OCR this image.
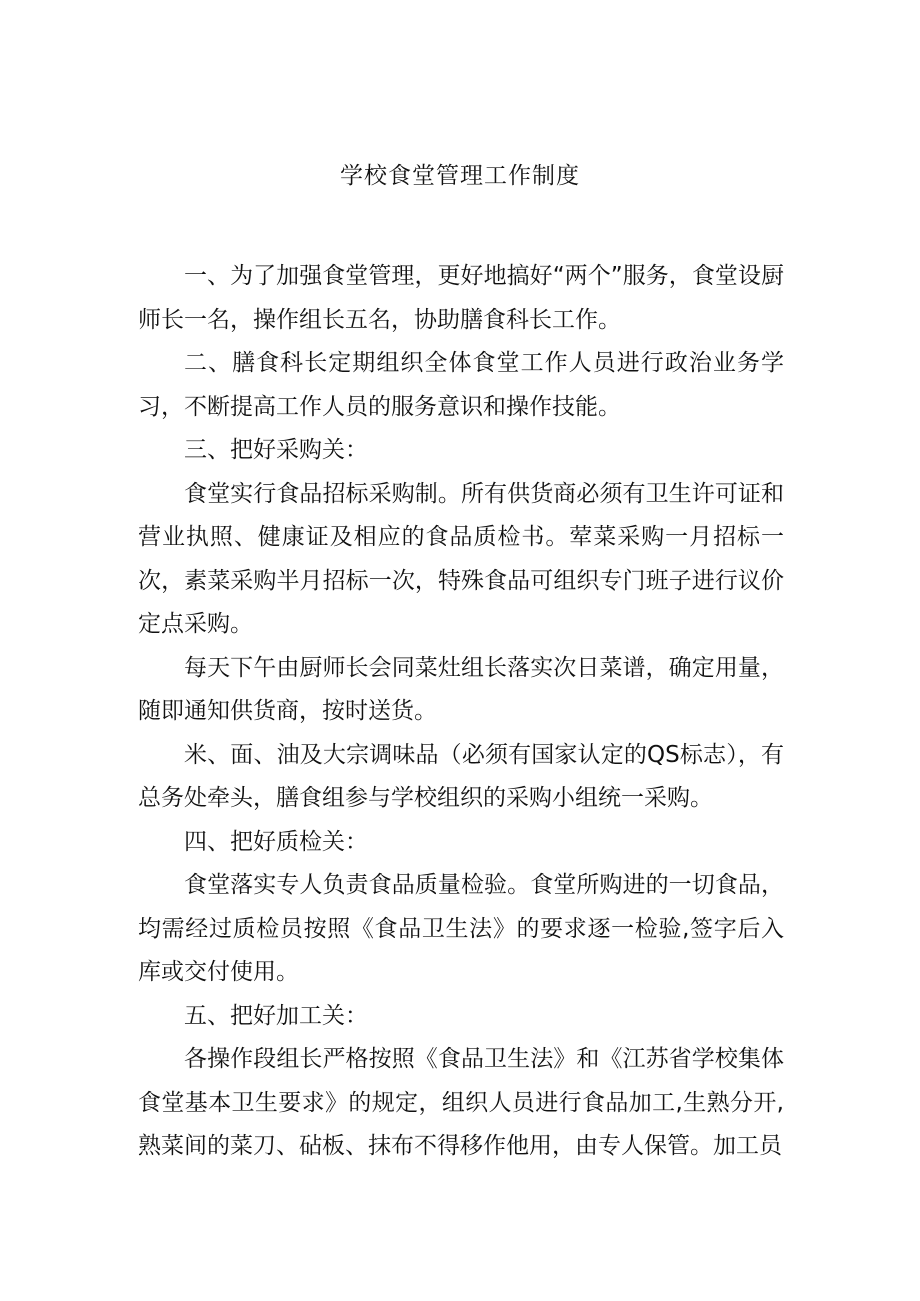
学校食堂管理工作制度

一、为了加强食堂管理，更好地搞好“两个”服务，食堂设厨师长一名，操作组长五名，协助膳食科长工作。

二、膳食科长定期组织全体食堂工作人员进行政治业务学习，不断提高工作人员的服务意识和操作技能。

三、把好采购关：

食堂实行食品招标采购制。所有供货商必须有卫生许可证和营业执照、健康证及相应的食品质检书。荤菜采购一月招标一次，素菜采购半月招标一次，特殊食品可组织专门班子进行议价定点采购。

每天下午由厨师长会同菜灶组长落实次日菜谱，确定用量，随即通知供货商，按时送货。

米、面、油及大宗调味品（必须有国家认定的QS标志），有总务处牵头，膳食组参与学校组织的采购小组统一采购。

四、把好质检关：

食堂落实专人负责食品质量检验。食堂所购进的一切食品，均需经过质检员按照《食品卫生法》的要求逐一检验,签字后入库或交付使用。

五、把好加工关：

各操作段组长严格按照《食品卫生法》和《江苏省学校集体食堂基本卫生要求》的规定，组织人员进行食品加工,生熟分开,熟菜间的菜刀、砧板、抹布不得移作他用，由专人保管。加工员
